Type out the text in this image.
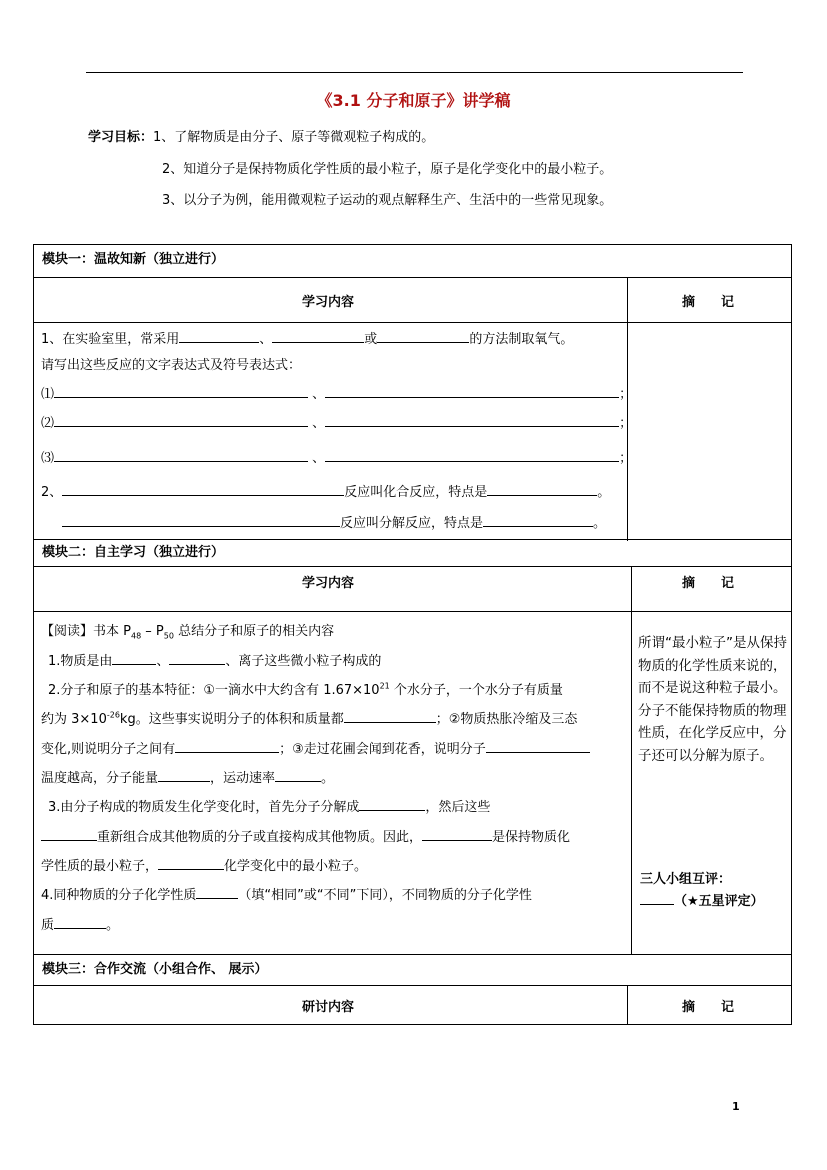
《3.1 分子和原子》讲学稿
学习目标：1、了解物质是由分子、原子等微观粒子构成的。
2、知道分子是保持物质化学性质的最小粒子，原子是化学变化中的最小粒子。
3、以分子为例，能用微观粒子运动的观点解释生产、生活中的一些常见现象。
模块一：温故知新（独立进行）
学习内容	摘　　记
1、在实验室里，常采用	、	或	的方法制取氧气。
请写出这些反应的文字表达式及符号表达式：
⑴	、	；
⑵	、	；
⑶	、	；
2、	反应叫化合反应，特点是	。
反应叫分解反应，特点是	。
模块二：自主学习（独立进行）
学习内容	摘　　记
【阅读】书本 $P_{48} - P_{50}$ 总结分子和原子的相关内容
1.物质是由	、	、离子这些微小粒子构成的
2.分子和原子的基本特征：①一滴水中大约含有 $1.67\times 10^{21}$ 个水分子，一个水分子有质量
约为 $3\times 10^{-26}kg$。这些事实说明分子的体积和质量都	；②物质热胀冷缩及三态
变化,则说明分子之间有	；③走过花圃会闻到花香，说明分子
温度越高，分子能量	，运动速率	。
3.由分子构成的物质发生化学变化时，首先分子分解成	，然后这些
重新组合成其他物质的分子或直接构成其他物质。因此，	是保持物质化
学性质的最小粒子，	化学变化中的最小粒子。
4.同种物质的分子化学性质	（填“相同”或“不同”下同），不同物质的分子化学性
质	。
所谓“最小粒子”是从保持物质的化学性质来说的，而不是说这种粒子最小。分子不能保持物质的物理性质，在化学反应中，分子还可以分解为原子。
三人小组互评：
（★五星评定）
模块三：合作交流（小组合作、 展示）
研讨内容	摘　　记
1
